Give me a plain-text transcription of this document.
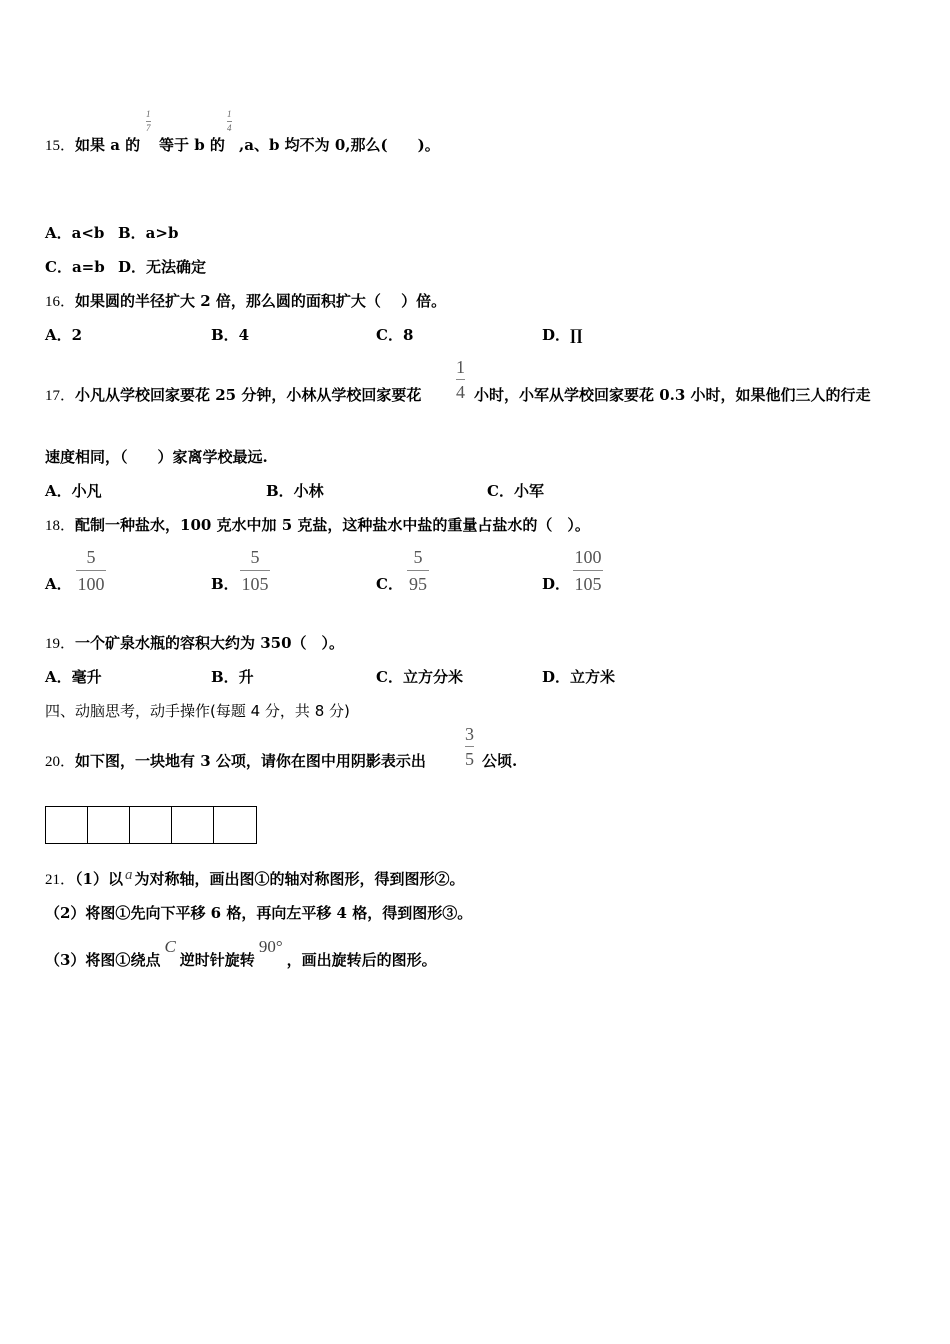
15．如果 a 的
1
7
等于 b 的
1
4
,a、b 均不为 0,那么(　　)。
A．a<b B．a>b
C．a=b D．无法确定
16．如果圆的半径扩大 2 倍，那么圆的面积扩大（　 ）倍。
A．2	B．4	C．8	D．∏
17．小凡从学校回家要花 25 分钟，小林从学校回家要花
1
4 小时，小军从学校回家要花 0.3 小时，如果他们三人的行走
速度相同，（　　）家离学校最远.
A．小凡	B．小林	C．小军
18．配制一种盐水，100 克水中加 5 克盐，这种盐水中盐的重量占盐水的（　）。
A．
5
100	B．
5
105	C．
5
95	D．
100
105
19．一个矿泉水瓶的容积大约为 350（　）。
A．毫升	B．升	C．立方分米	D．立方米
四、动脑思考，动手操作(每题 4 分，共 8 分)
20．如下图，一块地有 3 公项，请你在图中用阴影表示出
3
5 公顷.
21．（1）以 a 为对称轴，画出图①的轴对称图形，得到图形②。
（2）将图①先向下平移 6 格，再向左平移 4 格，得到图形③。
（3）将图①绕点C逆时针旋转90°，画出旋转后的图形。
